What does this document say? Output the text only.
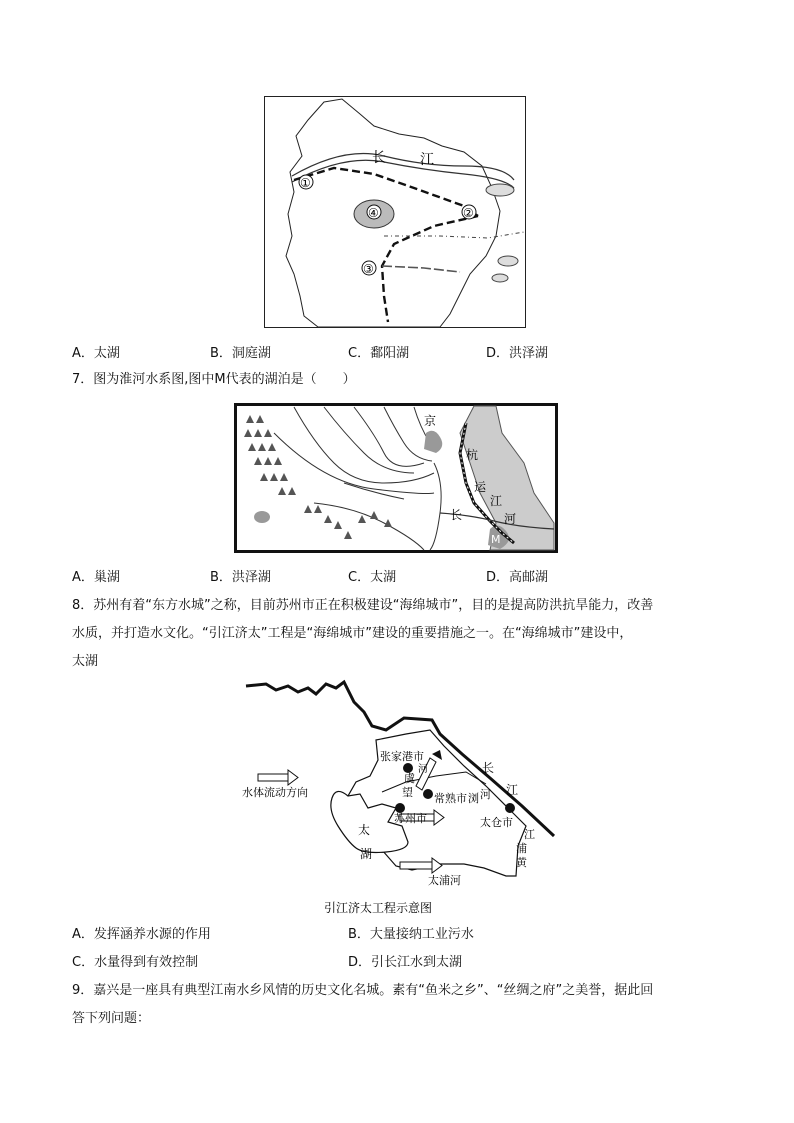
①
②
③
④
长 江
A．太湖	B．洞庭湖	C．鄱阳湖	D．洪泽湖
7．图为淮河水系图,图中M代表的湖泊是（　　）
京
杭
运
河
长
江
M
A．巢湖	B．洪泽湖	C．太湖	D．高邮湖
8．苏州有着“东方水城”之称，目前苏州市正在积极建设“海绵城市”，目的是提高防洪抗旱能力，改善
水质，并打造水文化。“引江济太”工程是“海绵城市”建设的重要措施之一。在“海绵城市”建设中，
太湖
水体流动方向
张家港市
河
虞
望 常熟市 浏
苏州市	太仓市
长
江
河
江
浦
黄
太
湖
太浦河
引江济太工程示意图
A．发挥涵养水源的作用	B．大量接纳工业污水
C．水量得到有效控制	D．引长江水到太湖
9．嘉兴是一座具有典型江南水乡风情的历史文化名城。素有“鱼米之乡”、“丝绸之府”之美誉，据此回
答下列问题：
